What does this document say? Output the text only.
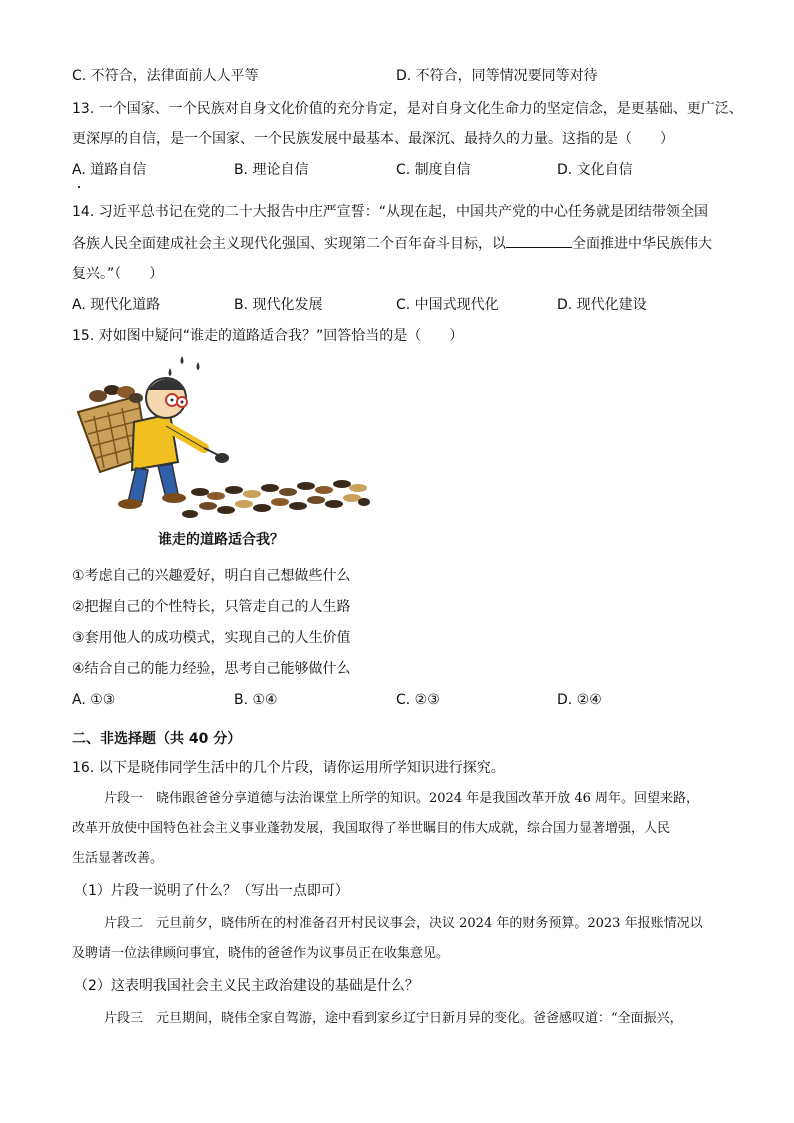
C. 不符合，法律面前人人平等	D. 不符合，同等情况要同等对待
13. 一个国家、一个民族对自身文化价值的充分肯定，是对自身文化生命力的坚定信念，是更基础、更广泛、
更深厚的自信，是一个国家、一个民族发展中最基本、最深沉、最持久的力量。这指的是（　　）
A. 道路自信	B. 理论自信	C. 制度自信	D. 文化自信
14. 习近平总书记在党的二十大报告中庄严宣誓：“从现在起，中国共产党的中心任务就是团结带领全国
各族人民全面建成社会主义现代化强国、实现第二个百年奋斗目标，以	全面推进中华民族伟大
复兴。”（　　）
A. 现代化道路	B. 现代化发展	C. 中国式现代化	D. 现代化建设
15. 对如图中疑问“谁走的道路适合我？”回答恰当的是（　　）
谁走的道路适合我？
①考虑自己的兴趣爱好，明白自己想做些什么
②把握自己的个性特长，只管走自己的人生路
③套用他人的成功模式，实现自己的人生价值
④结合自己的能力经验，思考自己能够做什么
A. ①③	B. ①④	C. ②③	D. ②④
二、非选择题（共 40 分）
16. 以下是晓伟同学生活中的几个片段，请你运用所学知识进行探究。
片段一　晓伟跟爸爸分享道德与法治课堂上所学的知识。2024 年是我国改革开放 46 周年。回望来路，
改革开放使中国特色社会主义事业蓬勃发展，我国取得了举世瞩目的伟大成就，综合国力显著增强，人民
生活显著改善。
（1）片段一说明了什么？（写出一点即可）
片段二　元旦前夕，晓伟所在的村准备召开村民议事会，决议 2024 年的财务预算。2023 年报账情况以
及聘请一位法律顾问事宜，晓伟的爸爸作为议事员正在收集意见。
（2）这表明我国社会主义民主政治建设的基础是什么？
片段三　元旦期间，晓伟全家自驾游，途中看到家乡辽宁日新月异的变化。爸爸感叹道：“全面振兴，
